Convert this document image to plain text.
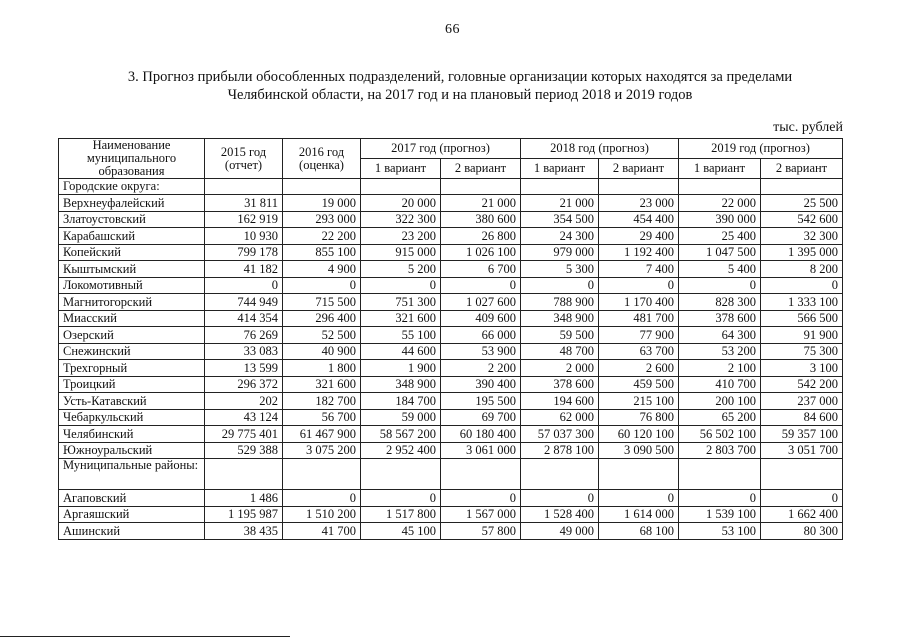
66
3. Прогноз прибыли обособленных подразделений, головные организации которых находятся за пределами
Челябинской области, на 2017 год и на плановый период 2018 и 2019 годов
тыс. рублей
Наименование муниципального образования	2015 год (отчет)	2016 год (оценка)	2017 год (прогноз)		2018 год (прогноз)		2019 год (прогноз)	
			1 вариант	2 вариант	1 вариант	2 вариант	1 вариант	2 вариант
Городские округа:								
Верхнеуфалейский	31 811	19 000	20 000	21 000	21 000	23 000	22 000	25 500
Златоустовский	162 919	293 000	322 300	380 600	354 500	454 400	390 000	542 600
Карабашский	10 930	22 200	23 200	26 800	24 300	29 400	25 400	32 300
Копейский	799 178	855 100	915 000	1 026 100	979 000	1 192 400	1 047 500	1 395 000
Кыштымский	41 182	4 900	5 200	6 700	5 300	7 400	5 400	8 200
Локомотивный	0	0	0	0	0	0	0	0
Магнитогорский	744 949	715 500	751 300	1 027 600	788 900	1 170 400	828 300	1 333 100
Миасский	414 354	296 400	321 600	409 600	348 900	481 700	378 600	566 500
Озерский	76 269	52 500	55 100	66 000	59 500	77 900	64 300	91 900
Снежинский	33 083	40 900	44 600	53 900	48 700	63 700	53 200	75 300
Трехгорный	13 599	1 800	1 900	2 200	2 000	2 600	2 100	3 100
Троицкий	296 372	321 600	348 900	390 400	378 600	459 500	410 700	542 200
Усть-Катавский	202	182 700	184 700	195 500	194 600	215 100	200 100	237 000
Чебаркульский	43 124	56 700	59 000	69 700	62 000	76 800	65 200	84 600
Челябинский	29 775 401	61 467 900	58 567 200	60 180 400	57 037 300	60 120 100	56 502 100	59 357 100
Южноуральский	529 388	3 075 200	2 952 400	3 061 000	2 878 100	3 090 500	2 803 700	3 051 700
Муниципальные районы:								
Агаповский	1 486	0	0	0	0	0	0	0
Аргаяшский	1 195 987	1 510 200	1 517 800	1 567 000	1 528 400	1 614 000	1 539 100	1 662 400
Ашинский	38 435	41 700	45 100	57 800	49 000	68 100	53 100	80 300
